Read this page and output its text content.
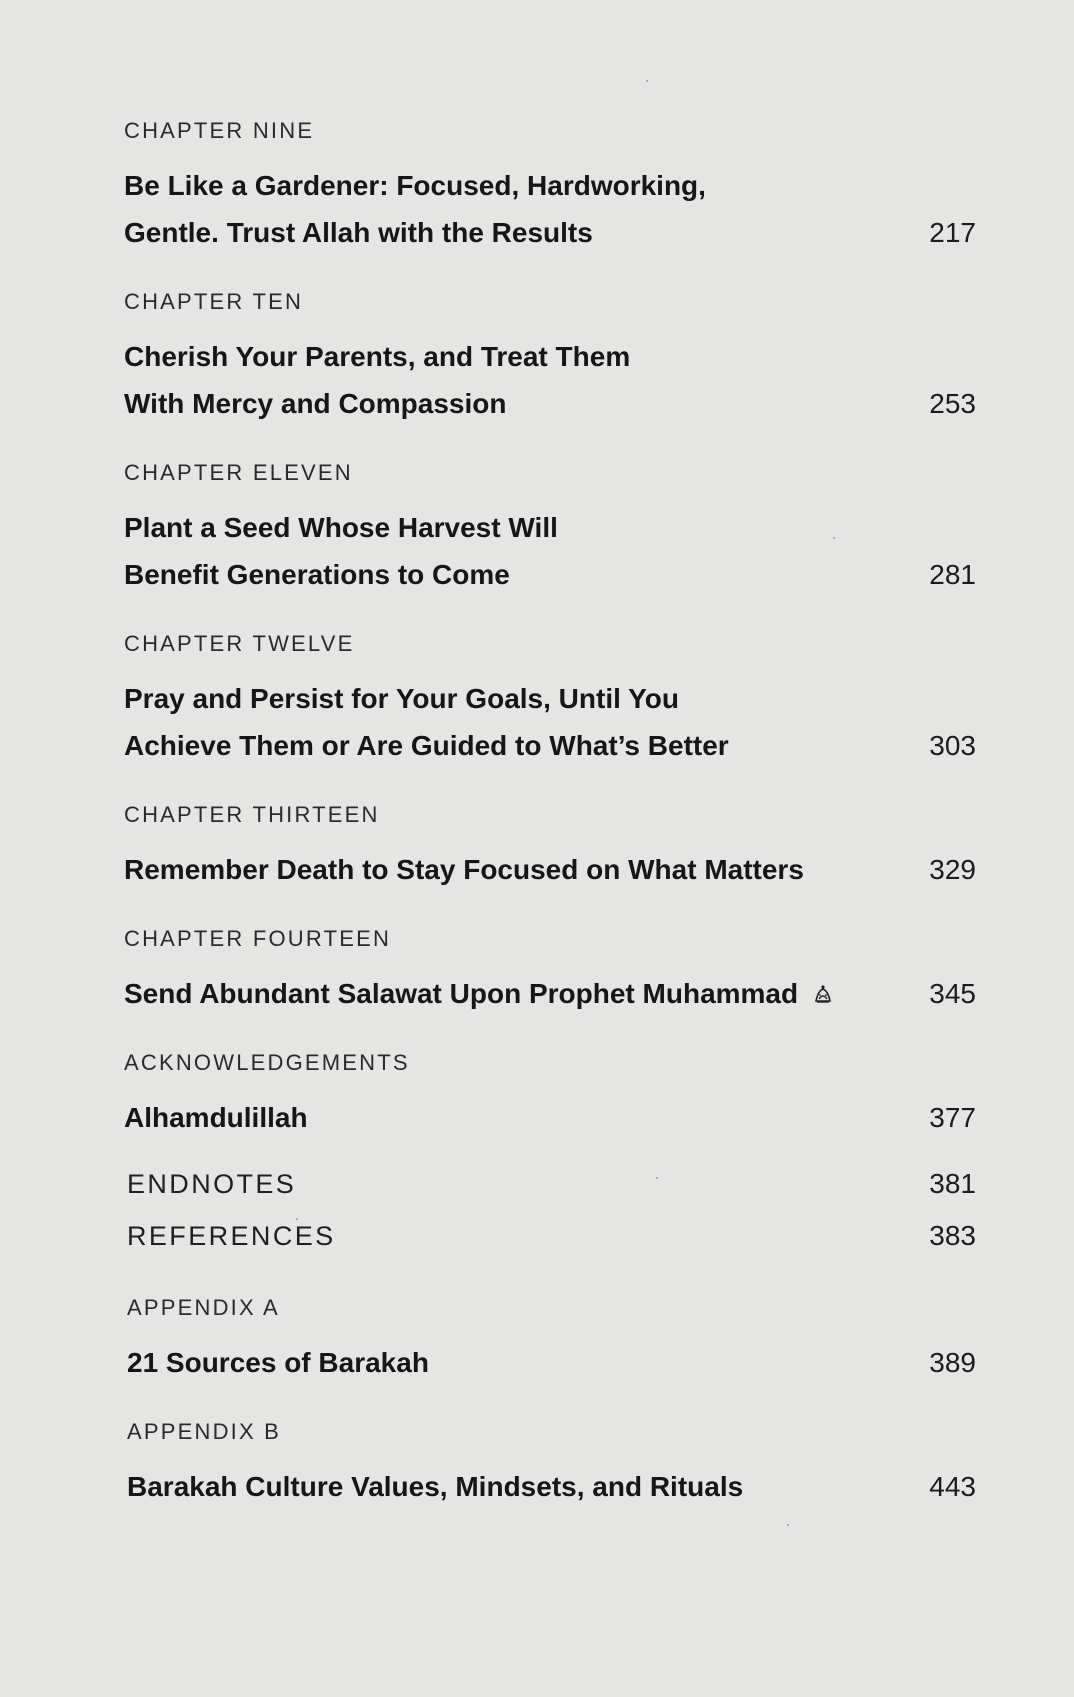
CHAPTER NINE
Be Like a Gardener: Focused, Hardworking,
Gentle. Trust Allah with the Results	217
CHAPTER TEN
Cherish Your Parents, and Treat Them
With Mercy and Compassion	253
CHAPTER ELEVEN
Plant a Seed Whose Harvest Will
Benefit Generations to Come	281
CHAPTER TWELVE
Pray and Persist for Your Goals, Until You
Achieve Them or Are Guided to What’s Better	303
CHAPTER THIRTEEN
Remember Death to Stay Focused on What Matters	329
CHAPTER FOURTEEN
Send Abundant Salawat Upon Prophet Muhammad	345
ACKNOWLEDGEMENTS
Alhamdulillah	377
ENDNOTES	381
REFERENCES	383
APPENDIX A
21 Sources of Barakah	389
APPENDIX B
Barakah Culture Values, Mindsets, and Rituals	443
